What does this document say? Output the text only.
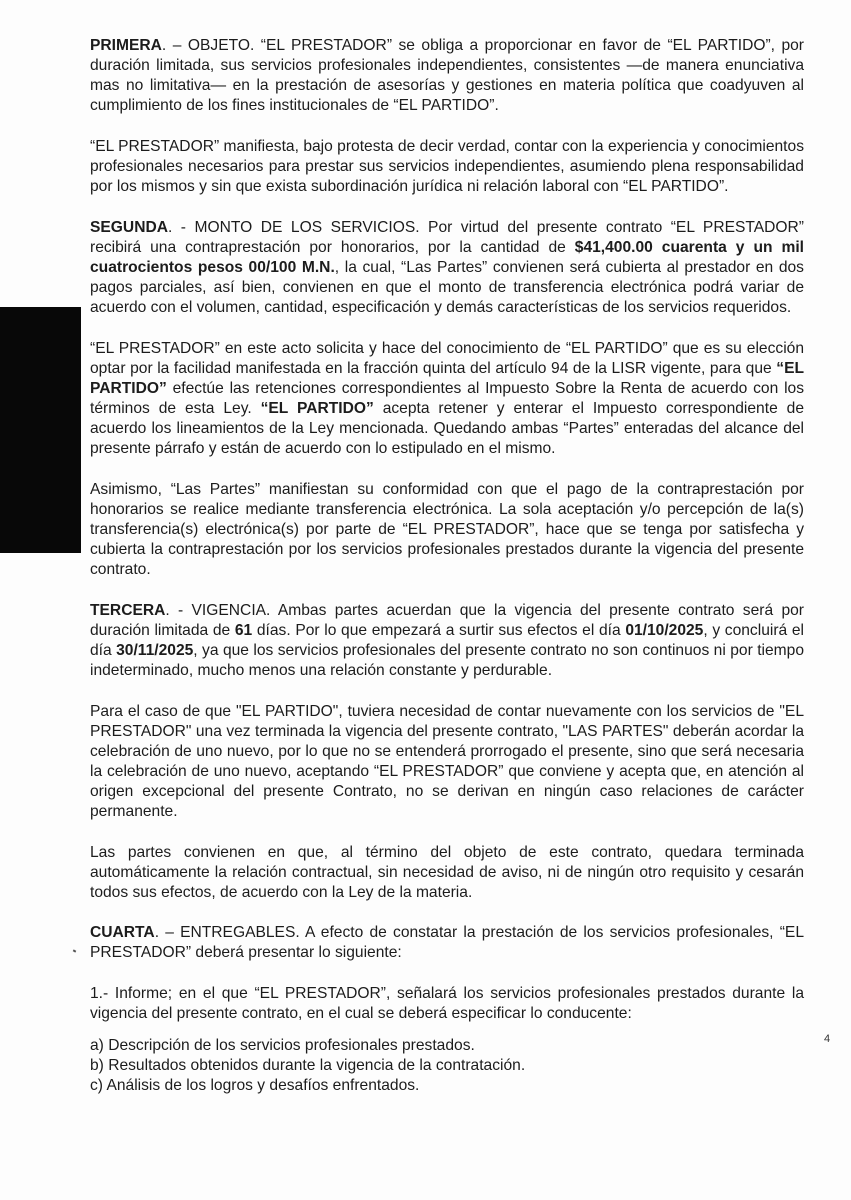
PRIMERA. – OBJETO. “EL PRESTADOR” se obliga a proporcionar en favor de “EL PARTIDO”, por duración limitada, sus servicios profesionales independientes, consistentes —de manera enunciativa mas no limitativa— en la prestación de asesorías y gestiones en materia política que coadyuven al cumplimiento de los fines institucionales de “EL PARTIDO”.

“EL PRESTADOR” manifiesta, bajo protesta de decir verdad, contar con la experiencia y conocimientos profesionales necesarios para prestar sus servicios independientes, asumiendo plena responsabilidad por los mismos y sin que exista subordinación jurídica ni relación laboral con “EL PARTIDO”.

SEGUNDA. - MONTO DE LOS SERVICIOS. Por virtud del presente contrato “EL PRESTADOR” recibirá una contraprestación por honorarios, por la cantidad de $41,400.00 cuarenta y un mil cuatrocientos pesos 00/100 M.N., la cual, “Las Partes” convienen será cubierta al prestador en dos pagos parciales, así bien, convienen en que el monto de transferencia electrónica podrá variar de acuerdo con el volumen, cantidad, especificación y demás características de los servicios requeridos.

“EL PRESTADOR” en este acto solicita y hace del conocimiento de “EL PARTIDO” que es su elección optar por la facilidad manifestada en la fracción quinta del artículo 94 de la LISR vigente, para que “EL PARTIDO” efectúe las retenciones correspondientes al Impuesto Sobre la Renta de acuerdo con los términos de esta Ley. “EL PARTIDO” acepta retener y enterar el Impuesto correspondiente de acuerdo los lineamientos de la Ley mencionada. Quedando ambas “Partes” enteradas del alcance del presente párrafo y están de acuerdo con lo estipulado en el mismo.

Asimismo, “Las Partes” manifiestan su conformidad con que el pago de la contraprestación por honorarios se realice mediante transferencia electrónica. La sola aceptación y/o percepción de la(s) transferencia(s) electrónica(s) por parte de “EL PRESTADOR”, hace que se tenga por satisfecha y cubierta la contraprestación por los servicios profesionales prestados durante la vigencia del presente contrato.

TERCERA. - VIGENCIA. Ambas partes acuerdan que la vigencia del presente contrato será por duración limitada de 61 días. Por lo que empezará a surtir sus efectos el día 01/10/2025, y concluirá el día 30/11/2025, ya que los servicios profesionales del presente contrato no son continuos ni por tiempo indeterminado, mucho menos una relación constante y perdurable.

Para el caso de que "EL PARTIDO", tuviera necesidad de contar nuevamente con los servicios de "EL PRESTADOR" una vez terminada la vigencia del presente contrato, "LAS PARTES" deberán acordar la celebración de uno nuevo, por lo que no se entenderá prorrogado el presente, sino que será necesaria la celebración de uno nuevo, aceptando “EL PRESTADOR” que conviene y acepta que, en atención al origen excepcional del presente Contrato, no se derivan en ningún caso relaciones de carácter permanente.

Las partes convienen en que, al término del objeto de este contrato, quedara terminada automáticamente la relación contractual, sin necesidad de aviso, ni de ningún otro requisito y cesarán todos sus efectos, de acuerdo con la Ley de la materia.

CUARTA. – ENTREGABLES. A efecto de constatar la prestación de los servicios profesionales, “EL PRESTADOR” deberá presentar lo siguiente:

1.- Informe; en el que “EL PRESTADOR”, señalará los servicios profesionales prestados durante la vigencia del presente contrato, en el cual se deberá especificar lo conducente:

a) Descripción de los servicios profesionales prestados.
b) Resultados obtenidos durante la vigencia de la contratación.
c) Análisis de los logros y desafíos enfrentados.
4
